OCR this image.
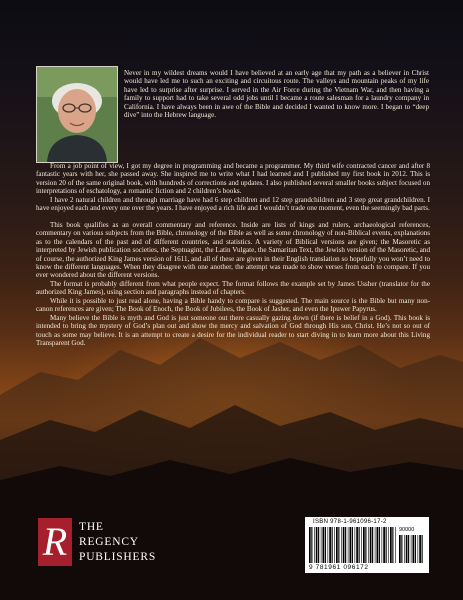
Never in my wildest dreams would I have believed at an early age that my path as a believer in Christ would have led me to such an exciting and circuitous route. The valleys and mountain peaks of my life have led to surprise after surprise. I served in the Air Force during the Vietnam War, and then having a family to support had to take several odd jobs until I became a route salesman for a laundry company in California. I have always been in awe of the Bible and decided I wanted to know more. I began to “deep dive” into the Hebrew language.

From a job point of view, I got my degree in programming and became a programmer. My third wife contracted cancer and after 8 fantastic years with her, she passed away. She inspired me to write what I had learned and I published my first book in 2012. This is version 20 of the same original book, with hundreds of corrections and updates. I also published several smaller books subject focused on interpretations of eschatology, a romantic fiction and 2 children’s books.

I have 2 natural children and through marriage have had 6 step children and 12 step grandchildren and 3 step great grandchildren. I have enjoyed each and every one over the years. I have enjoyed a rich life and I wouldn’t trade one moment, even the seemingly bad parts.

This book qualifies as an overall commentary and reference. Inside are lists of kings and rulers, archaeological references, commentary on various subjects from the Bible, chronology of the Bible as well as some chronology of non-Biblical events, explanations as to the calendars of the past and of different countries, and statistics. A variety of Biblical versions are given; the Masoretic as interpreted by Jewish publication societies, the Septuagint, the Latin Vulgate, the Samaritan Text, the Jewish version of the Masoretic, and of course, the authorized King James version of 1611, and all of these are given in their English translation so hopefully you won’t need to know the different languages. When they disagree with one another, the attempt was made to show verses from each to compare. If you ever wondered about the different versions.

The format is probably different from what people expect. The format follows the example set by James Ussher (translator for the authorized King James), using section and paragraphs instead of chapters.

While it is possible to just read alone, having a Bible handy to compare is suggested. The main source is the Bible but many non-canon references are given; The Book of Enoch, the Book of Jubilees, the Book of Jasher, and even the Ipuwer Papyrus.

Many believe the Bible is myth and God is just someone out there casually gazing down (if there is belief in a God). This book is intended to bring the mystery of God’s plan out and show the mercy and salvation of God through His son, Christ. He’s not so out of touch as some may believe. It is an attempt to create a desire for the individual reader to start diving in to learn more about this Living Transparent God.

R	THE
REGENCY
PUBLISHERS
ISBN 978-1-961096-17-2
90000
9 781961 096172
